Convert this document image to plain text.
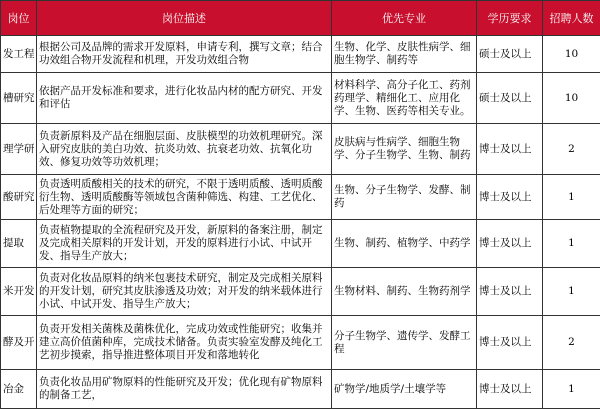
岗位	岗位描述	优先专业	学历要求	招聘人数
发工程	根据公司及品牌的需求开发原料，申请专利，撰写文章；结合功效组合物开发流程和机理，开发功效组合物	生物、化学、皮肤性病学、细胞生物学、制药等	硕士及以上	10
槽研究	依据产品开发标准和要求，进行化妆品内材的配方研究、开发和评估	材料科学、高分子化工、药剂药理学、精细化工、应用化学、生物、医药等相关专业。	硕士及以上	10
理学研	负责新原料及产品在细胞层面、皮肤模型的功效机理研究。深入研究皮肤的美白功效、抗炎功效、抗衰老功效、抗氧化功效、修复功效等功效机理；	皮肤病与性病学、细胞生物学、分子生物学、生物、制药	博士及以上	2
酸研究	负责透明质酸相关的技术的研究，不限于透明质酸、透明质酸衍生物、透明质酸酶等领域包含菌种筛选、构建、工艺优化、后处理等方面的研究；	生物、分子生物学、发酵、制药	博士及以上	1
提取	负责植物提取的全流程研究及开发，新原料的备案注册，制定及完成相关原料的开发计划，开发的原料进行小试、中试开发、指导生产放大；	生物、制药、植物学、中药学	博士及以上	1
米开发	负责对化妆品原料的纳米包裹技术研究，制定及完成相关原料的开发计划，研究其皮肤渗透及功效；对开发的纳米载体进行小试、中试开发、指导生产放大；	生物材料、制药、生物药剂学	博士及以上	1
酵及开	负责开发相关菌株及菌株优化，完成功效或性能研究；收集并建立高价值菌种库，完成技术储备。负责实验室发酵及纯化工艺初步摸索，指导推进整体项目开发和落地转化	分子生物学、遗传学、发酵工程	博士及以上	2
冶金	负责化妆品用矿物原料的性能研究及开发；优化现有矿物原料的制备工艺，	矿物学/地质学/土壤学等	博士及以上	1
